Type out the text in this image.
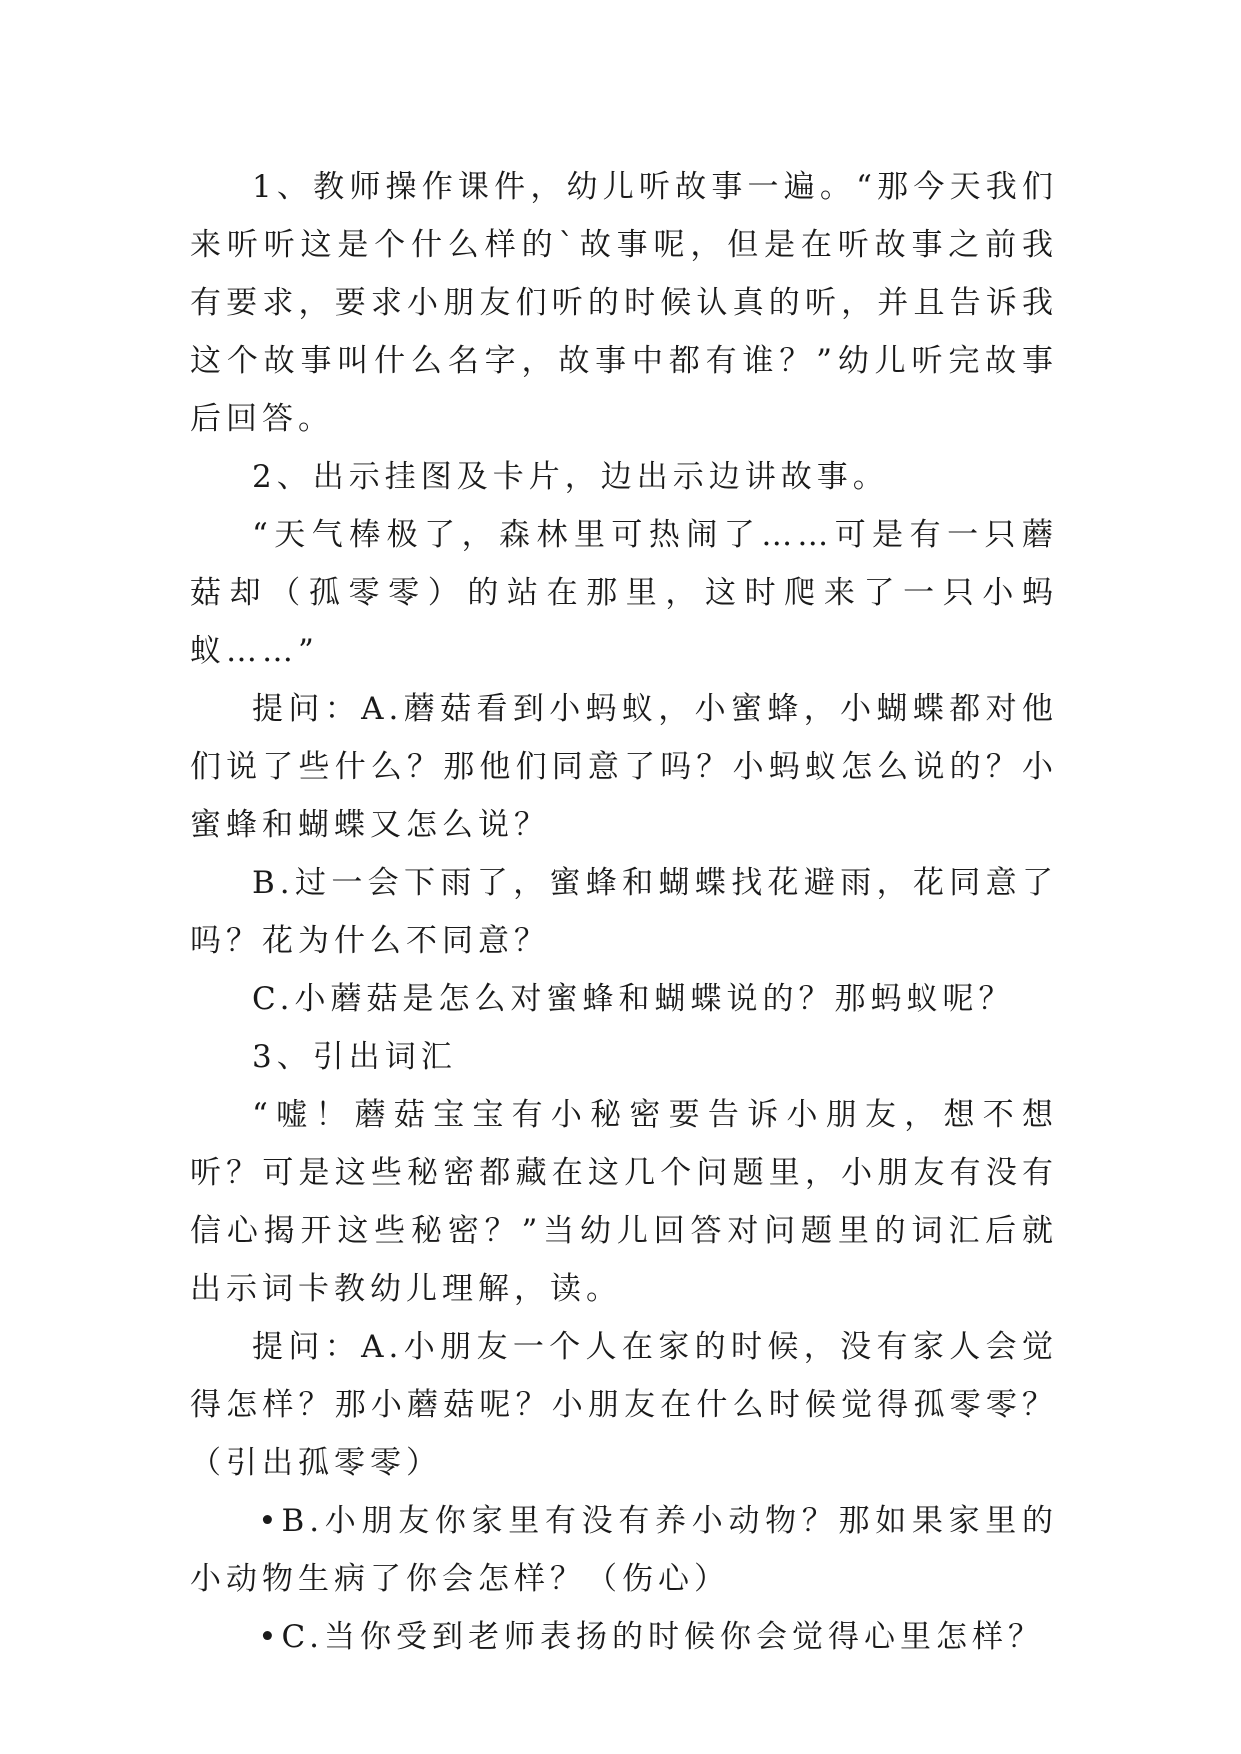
1、教师操作课件，幼儿听故事一遍。“那今天我们来听听这是个什么样的`故事呢，但是在听故事之前我有要求，要求小朋友们听的时候认真的听，并且告诉我这个故事叫什么名字，故事中都有谁？”幼儿听完故事后回答。

2、出示挂图及卡片，边出示边讲故事。

“天气棒极了，森林里可热闹了……可是有一只蘑菇却（孤零零）的站在那里，这时爬来了一只小蚂蚁……”

提问：A.蘑菇看到小蚂蚁，小蜜蜂，小蝴蝶都对他们说了些什么？那他们同意了吗？小蚂蚁怎么说的？小蜜蜂和蝴蝶又怎么说？

B.过一会下雨了，蜜蜂和蝴蝶找花避雨，花同意了吗？花为什么不同意？

C.小蘑菇是怎么对蜜蜂和蝴蝶说的？那蚂蚁呢？

3、引出词汇

“嘘！蘑菇宝宝有小秘密要告诉小朋友，想不想听？可是这些秘密都藏在这几个问题里，小朋友有没有信心揭开这些秘密？”当幼儿回答对问题里的词汇后就出示词卡教幼儿理解，读。

提问：A.小朋友一个人在家的时候，没有家人会觉得怎样？那小蘑菇呢？小朋友在什么时候觉得孤零零？（引出孤零零）

•B.小朋友你家里有没有养小动物？那如果家里的小动物生病了你会怎样？（伤心）

•C.当你受到老师表扬的时候你会觉得心里怎样？
